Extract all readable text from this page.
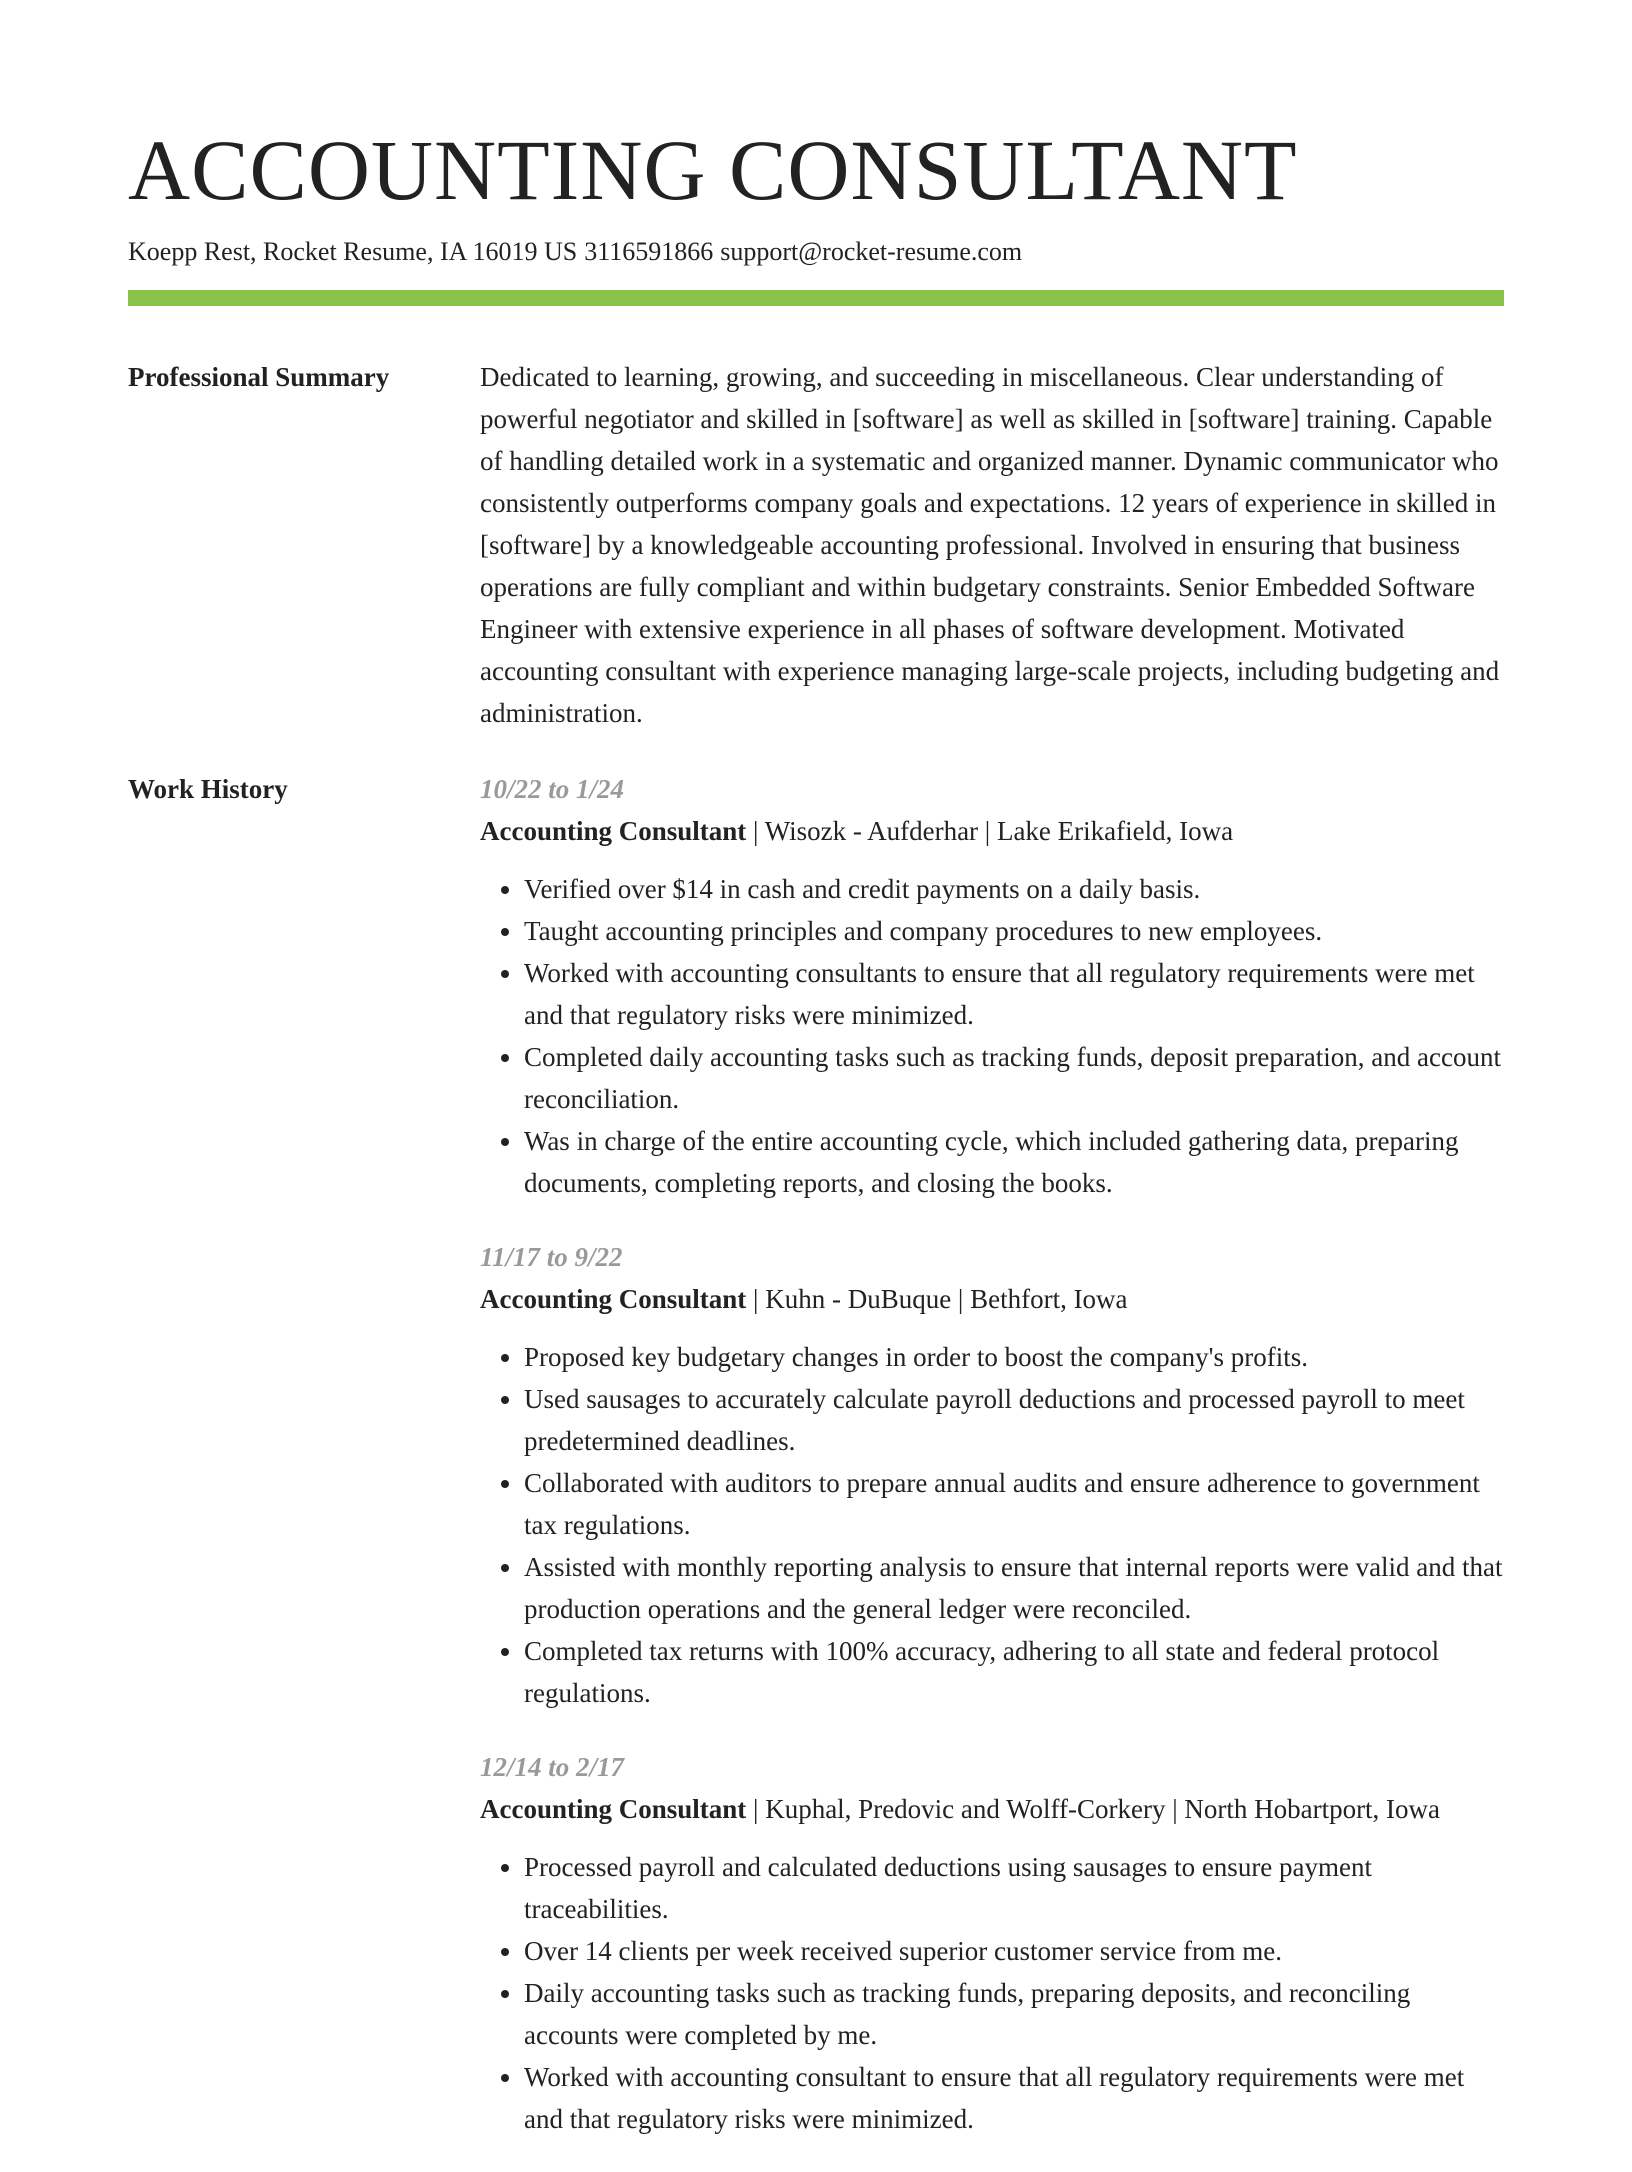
ACCOUNTING CONSULTANT
Koepp Rest, Rocket Resume, IA 16019 US 3116591866 support@rocket-resume.com
Professional Summary	Dedicated to learning, growing, and succeeding in miscellaneous. Clear understanding of powerful negotiator and skilled in [software] as well as skilled in [software] training. Capable of handling detailed work in a systematic and organized manner. Dynamic communicator who consistently outperforms company goals and expectations. 12 years of experience in skilled in [software] by a knowledgeable accounting professional. Involved in ensuring that business operations are fully compliant and within budgetary constraints. Senior Embedded Software Engineer with extensive experience in all phases of software development. Motivated accounting consultant with experience managing large-scale projects, including budgeting and administration.

Work History	10/22 to 1/24
Accounting Consultant | Wisozk - Aufderhar | Lake Erikafield, Iowa
• Verified over $14 in cash and credit payments on a daily basis.
• Taught accounting principles and company procedures to new employees.
• Worked with accounting consultants to ensure that all regulatory requirements were met and that regulatory risks were minimized.
• Completed daily accounting tasks such as tracking funds, deposit preparation, and account reconciliation.
• Was in charge of the entire accounting cycle, which included gathering data, preparing documents, completing reports, and closing the books.
11/17 to 9/22
Accounting Consultant | Kuhn - DuBuque | Bethfort, Iowa
• Proposed key budgetary changes in order to boost the company's profits.
• Used sausages to accurately calculate payroll deductions and processed payroll to meet predetermined deadlines.
• Collaborated with auditors to prepare annual audits and ensure adherence to government tax regulations.
• Assisted with monthly reporting analysis to ensure that internal reports were valid and that production operations and the general ledger were reconciled.
• Completed tax returns with 100% accuracy, adhering to all state and federal protocol regulations.
12/14 to 2/17
Accounting Consultant | Kuphal, Predovic and Wolff-Corkery | North Hobartport, Iowa
• Processed payroll and calculated deductions using sausages to ensure payment traceabilities.
• Over 14 clients per week received superior customer service from me.
• Daily accounting tasks such as tracking funds, preparing deposits, and reconciling accounts were completed by me.
• Worked with accounting consultant to ensure that all regulatory requirements were met and that regulatory risks were minimized.
